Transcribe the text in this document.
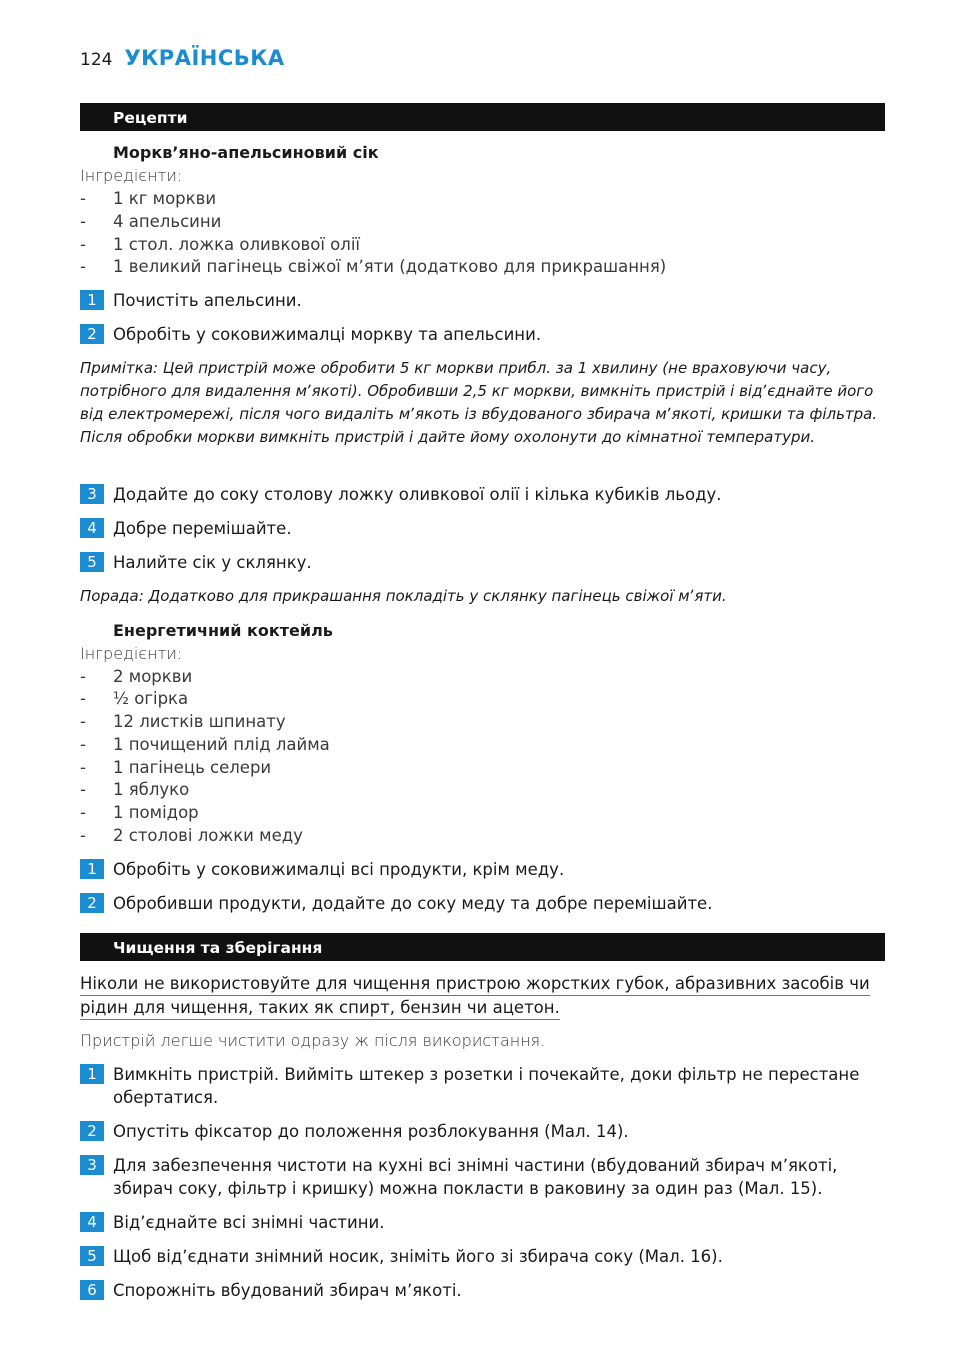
124 УКРАЇНСЬКА
Рецепти
Морквʼяно-апельсиновий сік
Інгредієнти:
- 1 кг моркви
- 4 апельсини
- 1 стол. ложка оливкової олії
- 1 великий пагінець свіжої мʼяти (додатково для прикрашання)
1 Почистіть апельсини.
2 Обробіть у соковижималці моркву та апельсини.
Примітка: Цей пристрій може обробити 5 кг моркви прибл. за 1 хвилину (не враховуючи часу, потрібного для видалення мʼякоті). Обробивши 2,5 кг моркви, вимкніть пристрій і відʼєднайте його від електромережі, після чого видаліть мʼякоть із вбудованого збирача мʼякоті, кришки та фільтра. Після обробки моркви вимкніть пристрій і дайте йому охолонути до кімнатної температури.
3 Додайте до соку столову ложку оливкової олії і кілька кубиків льоду.
4 Добре перемішайте.
5 Налийте сік у склянку.
Порада: Додатково для прикрашання покладіть у склянку пагінець свіжої мʼяти.
Енергетичний коктейль
Інгредієнти:
- 2 моркви
- ½ огірка
- 12 листків шпинату
- 1 почищений плід лайма
- 1 пагінець селери
- 1 яблуко
- 1 помідор
- 2 столові ложки меду
1 Обробіть у соковижималці всі продукти, крім меду.
2 Обробивши продукти, додайте до соку меду та добре перемішайте.
Чищення та зберігання
Ніколи не використовуйте для чищення пристрою жорстких губок, абразивних засобів чи
рідин для чищення, таких як спирт, бензин чи ацетон.
Пристрій легше чистити одразу ж після використання.
1 Вимкніть пристрій. Вийміть штекер з розетки і почекайте, доки фільтр не перестане обертатися.
2 Опустіть фіксатор до положення розблокування (Мал. 14).
3 Для забезпечення чистоти на кухні всі знімні частини (вбудований збирач мʼякоті, збирач соку, фільтр і кришку) можна покласти в раковину за один раз (Мал. 15).
4 Відʼєднайте всі знімні частини.
5 Щоб відʼєднати знімний носик, зніміть його зі збирача соку (Мал. 16).
6 Спорожніть вбудований збирач мʼякоті.
